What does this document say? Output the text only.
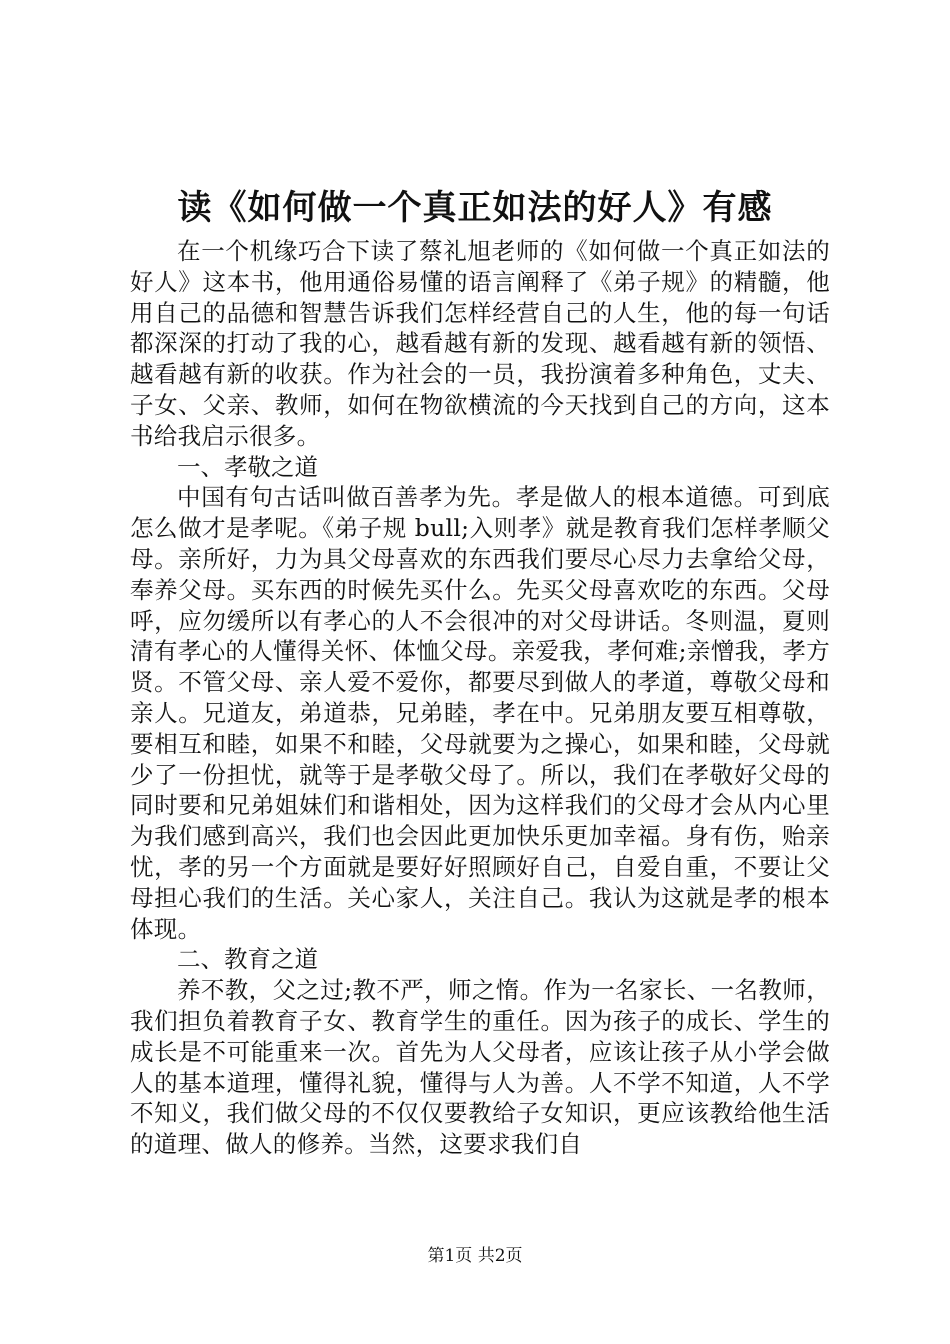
读《如何做一个真正如法的好人》有感

在一个机缘巧合下读了蔡礼旭老师的《如何做一个真正如法的好人》这本书，他用通俗易懂的语言阐释了《弟子规》的精髓，他用自己的品德和智慧告诉我们怎样经营自己的人生，他的每一句话都深深的打动了我的心，越看越有新的发现、越看越有新的领悟、越看越有新的收获。作为社会的一员，我扮演着多种角色，丈夫、子女、父亲、教师，如何在物欲横流的今天找到自己的方向，这本书给我启示很多。

一、孝敬之道

中国有句古话叫做百善孝为先。孝是做人的根本道德。可到底怎么做才是孝呢。《弟子规 bull;入则孝》就是教育我们怎样孝顺父母。亲所好，力为具父母喜欢的东西我们要尽心尽力去拿给父母，奉养父母。买东西的时候先买什么。先买父母喜欢吃的东西。父母呼，应勿缓所以有孝心的人不会很冲的对父母讲话。冬则温，夏则清有孝心的人懂得关怀、体恤父母。亲爱我，孝何难;亲憎我，孝方贤。不管父母、亲人爱不爱你，都要尽到做人的孝道，尊敬父母和亲人。兄道友，弟道恭，兄弟睦，孝在中。兄弟朋友要互相尊敬，要相互和睦，如果不和睦，父母就要为之操心，如果和睦，父母就少了一份担忧，就等于是孝敬父母了。所以，我们在孝敬好父母的同时要和兄弟姐妹们和谐相处，因为这样我们的父母才会从内心里为我们感到高兴，我们也会因此更加快乐更加幸福。身有伤，贻亲忧，孝的另一个方面就是要好好照顾好自己，自爱自重，不要让父母担心我们的生活。关心家人，关注自己。我认为这就是孝的根本体现。

二、教育之道

养不教，父之过;教不严，师之惰。作为一名家长、一名教师，我们担负着教育子女、教育学生的重任。因为孩子的成长、学生的成长是不可能重来一次。首先为人父母者，应该让孩子从小学会做人的基本道理，懂得礼貌，懂得与人为善。人不学不知道，人不学不知义，我们做父母的不仅仅要教给子女知识，更应该教给他生活的道理、做人的修养。当然，这要求我们自

第1页 共2页
